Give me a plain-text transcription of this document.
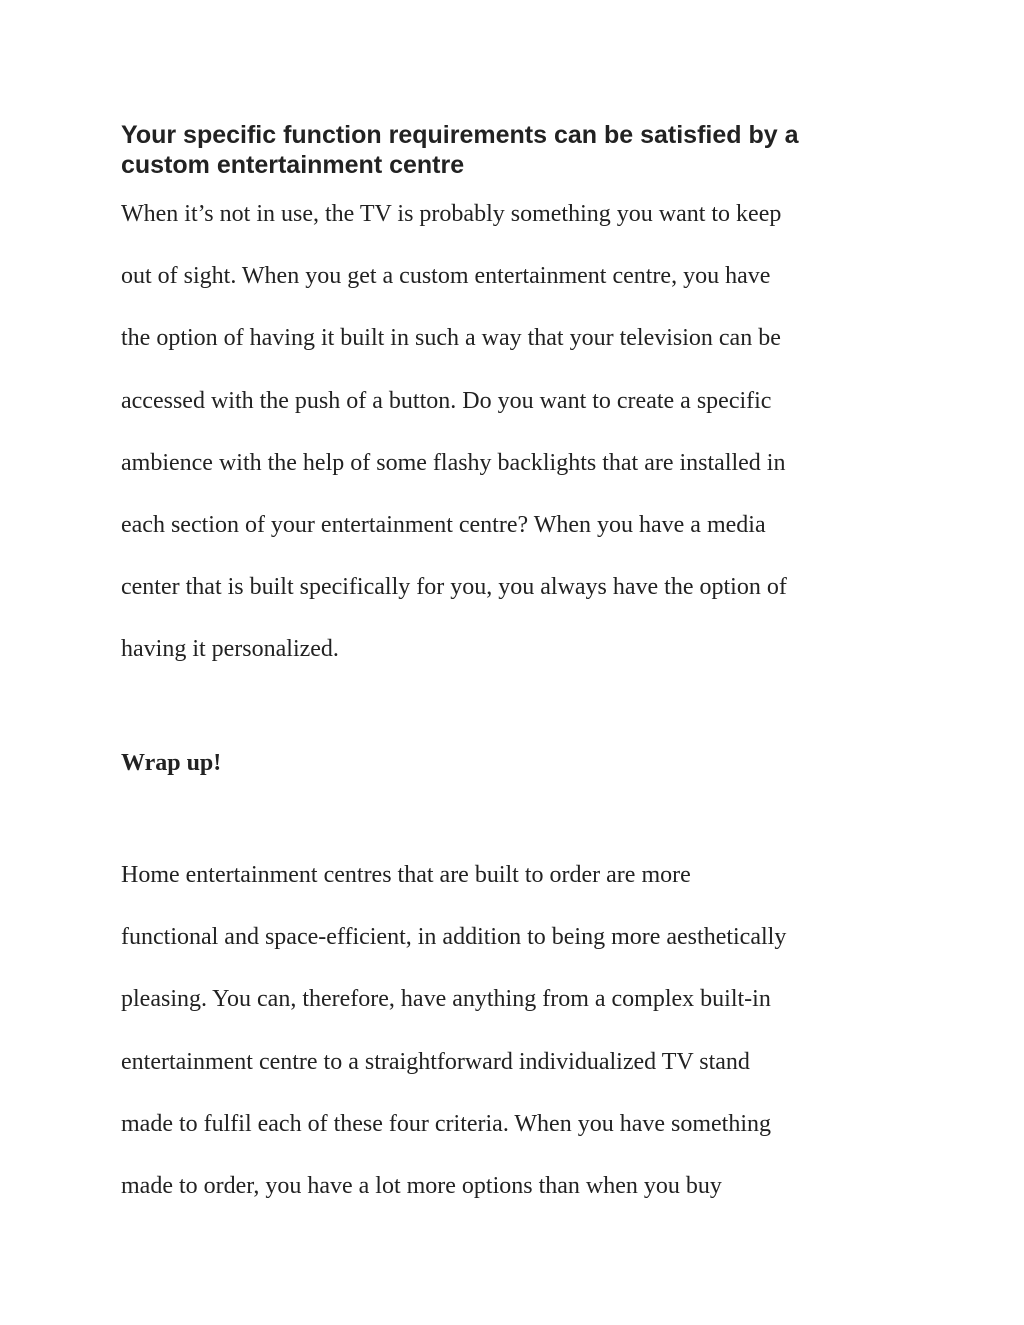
Your specific function requirements can be satisfied by a
custom entertainment centre
When it’s not in use, the TV is probably something you want to keep
out of sight. When you get a custom entertainment centre, you have
the option of having it built in such a way that your television can be
accessed with the push of a button. Do you want to create a specific
ambience with the help of some flashy backlights that are installed in
each section of your entertainment centre? When you have a media
center that is built specifically for you, you always have the option of
having it personalized.
Wrap up!
Home entertainment centres that are built to order are more
functional and space-efficient, in addition to being more aesthetically
pleasing. You can, therefore, have anything from a complex built-in
entertainment centre to a straightforward individualized TV stand
made to fulfil each of these four criteria. When you have something
made to order, you have a lot more options than when you buy
